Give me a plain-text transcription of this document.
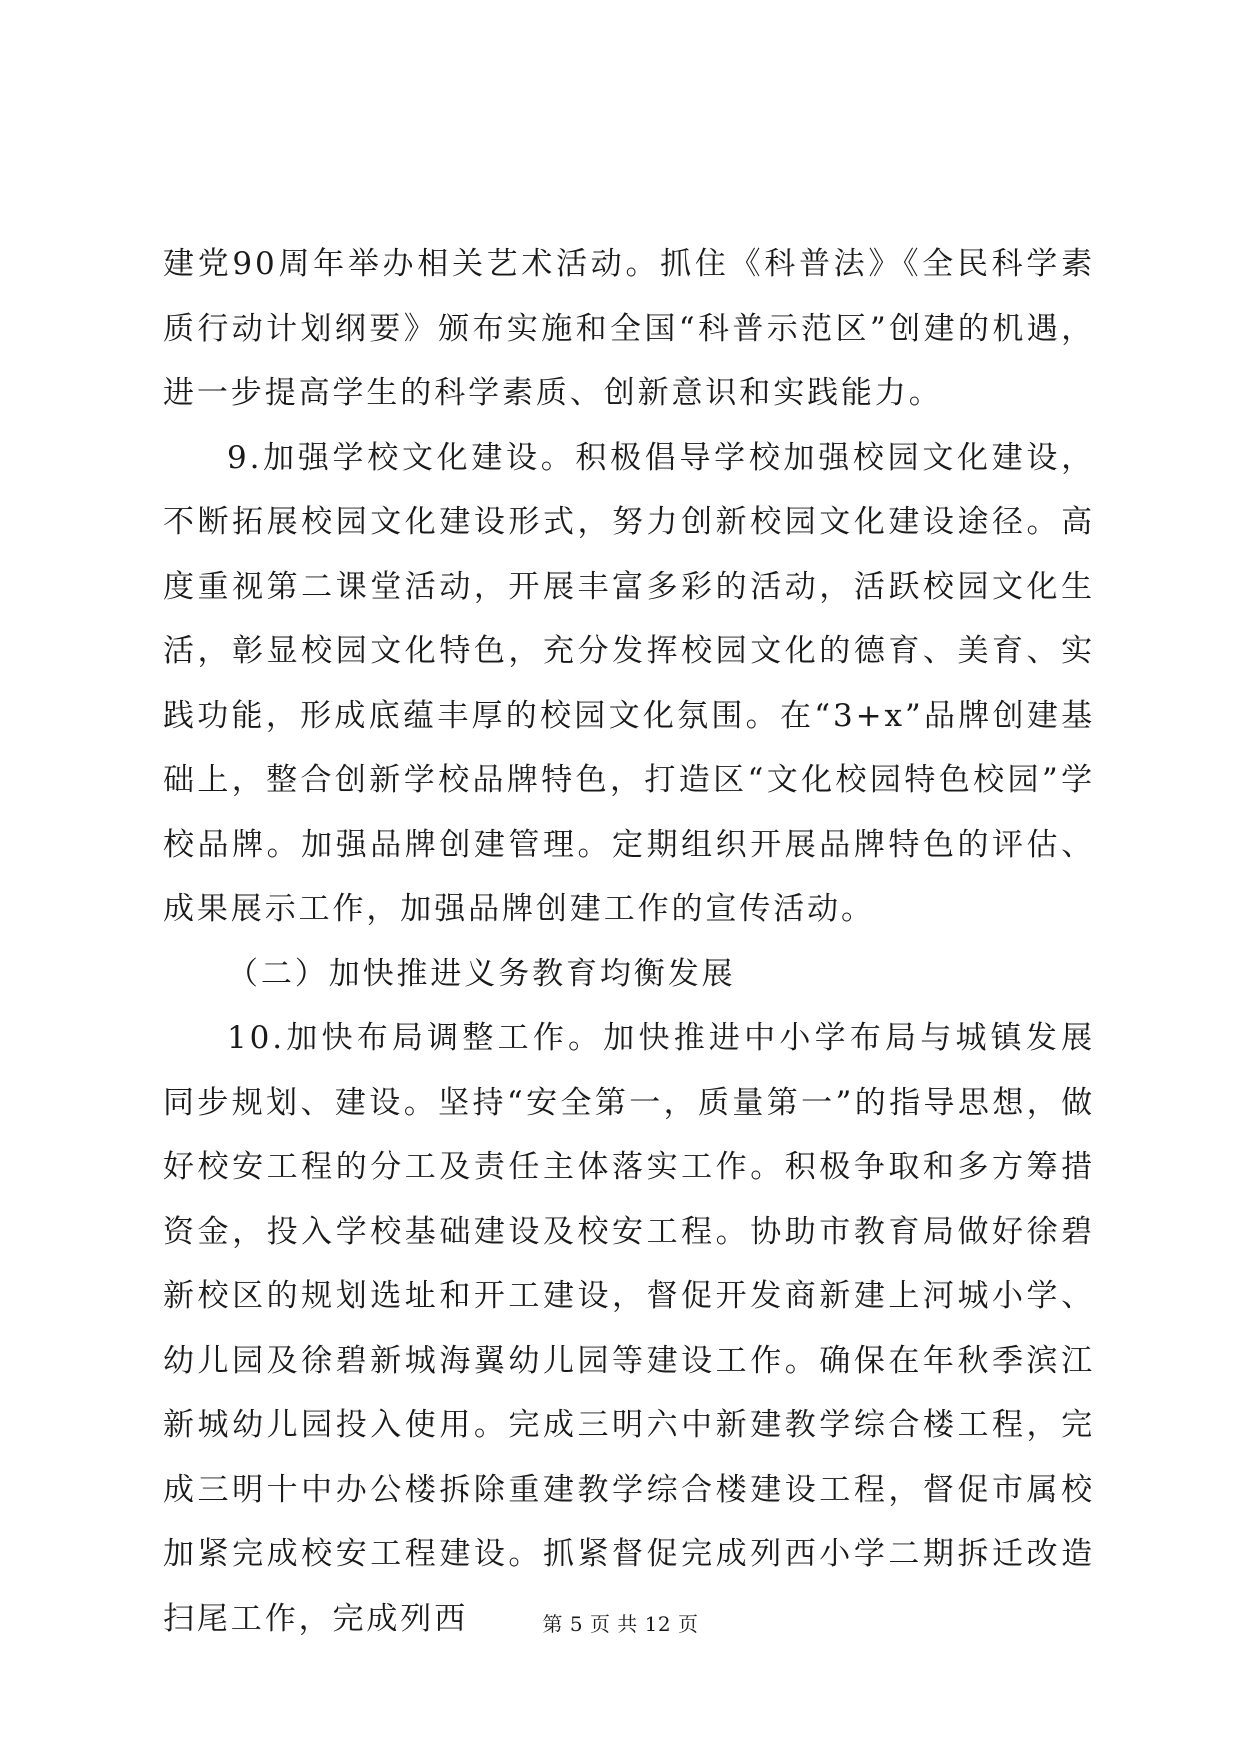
建党90周年举办相关艺术活动。抓住《科普法》《全民科学素质行动计划纲要》颁布实施和全国“科普示范区”创建的机遇，进一步提高学生的科学素质、创新意识和实践能力。

9.加强学校文化建设。积极倡导学校加强校园文化建设，不断拓展校园文化建设形式，努力创新校园文化建设途径。高度重视第二课堂活动，开展丰富多彩的活动，活跃校园文化生活，彰显校园文化特色，充分发挥校园文化的德育、美育、实践功能，形成底蕴丰厚的校园文化氛围。在“3+x”品牌创建基础上，整合创新学校品牌特色，打造区“文化校园特色校园”学校品牌。加强品牌创建管理。定期组织开展品牌特色的评估、成果展示工作，加强品牌创建工作的宣传活动。

（二）加快推进义务教育均衡发展

10.加快布局调整工作。加快推进中小学布局与城镇发展同步规划、建设。坚持“安全第一，质量第一”的指导思想，做好校安工程的分工及责任主体落实工作。积极争取和多方筹措资金，投入学校基础建设及校安工程。协助市教育局做好徐碧新校区的规划选址和开工建设，督促开发商新建上河城小学、幼儿园及徐碧新城海翼幼儿园等建设工作。确保在年秋季滨江新城幼儿园投入使用。完成三明六中新建教学综合楼工程，完成三明十中办公楼拆除重建教学综合楼建设工程，督促市属校加紧完成校安工程建设。抓紧督促完成列西小学二期拆迁改造扫尾工作，完成列西	第 5 页 共 12 页
